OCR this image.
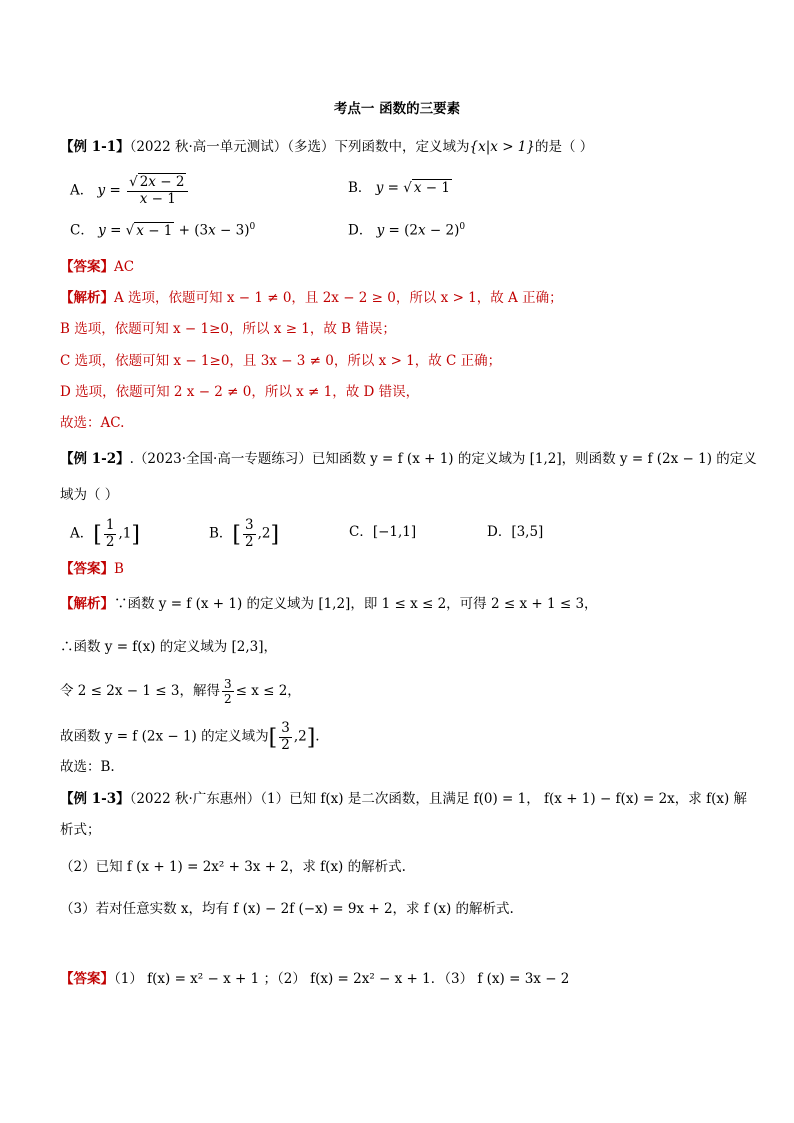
考点一 函数的三要素
【例 1-1】（2022 秋·高一单元测试）（多选）下列函数中，定义域为{x|x > 1}的是（ ）
A． $y = \frac{√ 2x - 2}{x - 1}$	B． y = √ x − 1
C． y = √ $x - 1 + (3x - 3)^0$	D． $y = (2x - 2)^0$
【答案】AC
【解析】A 选项，依题可知 x − 1 ≠ 0，且 2x − 2 ≥ 0，所以 x > 1，故 A 正确；
B 选项，依题可知 x − 1≥0，所以 x ≥ 1，故 B 错误；
C 选项，依题可知 x − 1≥0，且 3x − 3 ≠ 0，所以 x > 1，故 C 正确；
D 选项，依题可知 2 x − 2 ≠ 0，所以 x ≠ 1，故 D 错误，
故选：AC.
【例 1-2】.（2023·全国·高一专题练习）已知函数 y = f (x + 1) 的定义域为 [1,2]，则函数 y = f (2x − 1) 的定义
域为（ ）
A．[ $\frac{1}{2} ,1$]	B．[ $\frac{3}{2} ,2$]	C．[−1,1]	D．[3,5]
【答案】B
【解析】∵函数 y = f (x + 1) 的定义域为 [1,2]，即 1 ≤ x ≤ 2，可得 2 ≤ x + 1 ≤ 3，
∴函数 y = f(x) 的定义域为 [2,3]，
令 2 ≤ 2x − 1 ≤ 3，解得 $\frac{3}{2} \le x \le 2$，
故函数 y = f (2x − 1) 的定义域为[ $\frac{3}{2} ,2$].
故选：B.
【例 1-3】（2022 秋·广东惠州）（1）已知 f(x) 是二次函数，且满足 f(0) = 1， f(x + 1) − f(x) = 2x，求 f(x) 解
析式；
（2）已知 f (x + 1) = 2x² + 3x + 2，求 f(x) 的解析式.
（3）若对任意实数 x，均有 f (x) − 2f (−x) = 9x + 2，求 f (x) 的解析式.
【答案】（1） f(x) = x² − x + 1 ；（2） f(x) = 2x² − x + 1．（3） f (x) = 3x − 2
